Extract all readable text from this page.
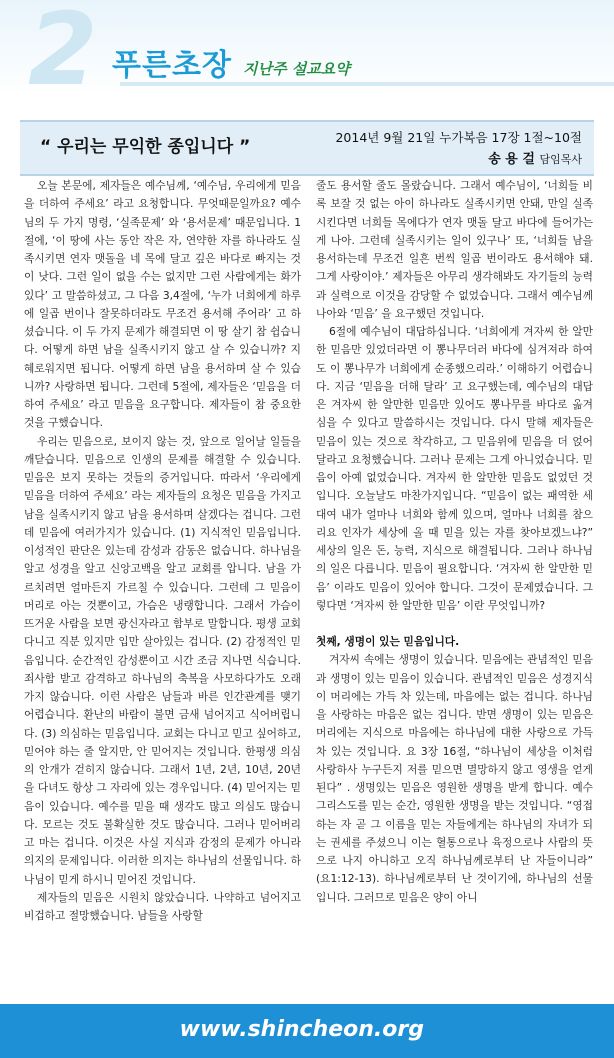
2 푸른초장 지난주 설교요약
“ 우리는 무익한 종입니다 ”	2014년 9월 21일 누가복음 17장 1절~10절
송 용 걸 담임목사

오늘 본문에, 제자들은 예수님께, ‘예수님, 우리에게 믿음을 더하여 주세요’ 라고 요청합니다. 무엇때문일까요? 예수님의 두 가지 명령, ‘실족문제’ 와 ‘용서문제’ 때문입니다. 1절에, ‘이 땅에 사는 동안 작은 자, 연약한 자를 하나라도 실족시키면 연자 맷돌을 네 목에 달고 깊은 바다로 빠지는 것이 낫다. 그런 일이 없을 수는 없지만 그런 사람에게는 화가 있다’ 고 말씀하셨고, 그 다음 3,4절에, ‘누가 너희에게 하루에 일곱 번이나 잘못하더라도 무조건 용서해 주어라’ 고 하셨습니다. 이 두 가지 문제가 해결되면 이 땅 살기 참 쉽습니다. 어떻게 하면 남을 실족시키지 않고 살 수 있습니까? 지혜로워지면 됩니다. 어떻게 하면 남을 용서하며 살 수 있습니까? 사랑하면 됩니다. 그런데 5절에, 제자들은 ‘믿음을 더하여 주세요’ 라고 믿음을 요구합니다. 제자들이 참 중요한 것을 구했습니다.

우리는 믿음으로, 보이지 않는 것, 앞으로 일어날 일들을 깨닫습니다. 믿음으로 인생의 문제를 해결할 수 있습니다. 믿음은 보지 못하는 것들의 증거입니다. 따라서 ‘우리에게 믿음을 더하여 주세요’ 라는 제자들의 요청은 믿음을 가지고 남을 실족시키지 않고 남을 용서하며 살겠다는 겁니다. 그런데 믿음에 여러가지가 있습니다. (1) 지식적인 믿음입니다. 이성적인 판단은 있는데 감성과 감동은 없습니다. 하나님을 알고 성경을 알고 신앙고백을 알고 교회를 압니다. 남을 가르치려면 얼마든지 가르칠 수 있습니다. 그런데 그 믿음이 머리로 아는 것뿐이고, 가슴은 냉랭합니다. 그래서 가슴이 뜨거운 사람을 보면 광신자라고 함부로 말합니다. 평생 교회 다니고 직분 있지만 입만 살아있는 겁니다. (2) 감정적인 믿음입니다. 순간적인 감성뿐이고 시간 조금 지나면 식습니다. 죄사함 받고 감격하고 하나님의 축복을 사모하다가도 오래가지 않습니다. 이런 사람은 남들과 바른 인간관계를 맺기 어렵습니다. 환난의 바람이 불면 금새 넘어지고 식어버립니다. (3) 의심하는 믿음입니다. 교회는 다니고 믿고 싶어하고, 믿어야 하는 줄 알지만, 안 믿어지는 것입니다. 한평생 의심의 안개가 걷히지 않습니다. 그래서 1년, 2년, 10년, 20년을 다녀도 항상 그 자리에 있는 경우입니다. (4) 믿어지는 믿음이 있습니다. 예수를 믿을 때 생각도 많고 의심도 많습니다. 모르는 것도 불확실한 것도 많습니다. 그러나 믿어버리고 마는 겁니다. 이것은 사실 지식과 감정의 문제가 아니라 의지의 문제입니다. 이러한 의지는 하나님의 선물입니다. 하나님이 믿게 하시니 믿어진 것입니다.

제자들의 믿음은 시원치 않았습니다. 나약하고 넘어지고 비겁하고 절망했습니다. 남들을 사랑할

줄도 용서할 줄도 몰랐습니다. 그래서 예수님이, ‘너희들 비록 보잘 것 없는 아이 하나라도 실족시키면 안돼, 만일 실족시킨다면 너희들 목에다가 연자 맷돌 달고 바다에 들어가는 게 나아. 그런데 실족시키는 일이 있구나’ 또, ‘너희들 남을 용서하는데 무조건 일흔 번씩 일곱 번이라도 용서해야 돼. 그게 사랑이야.’ 제자들은 아무리 생각해봐도 자기들의 능력과 실력으로 이것을 감당할 수 없었습니다. 그래서 예수님께 나아와 ‘믿음’ 을 요구했던 것입니다.

6절에 예수님이 대답하십니다. ‘너희에게 겨자씨 한 알만한 믿음만 있었더라면 이 뽕나무더러 바다에 심겨져라 하여도 이 뽕나무가 너희에게 순종했으리라.’ 이해하기 어렵습니다. 지금 ‘믿음을 더해 달라’ 고 요구했는데, 예수님의 대답은 겨자씨 한 알만한 믿음만 있어도 뽕나무를 바다로 옮겨 심을 수 있다고 말씀하시는 것입니다. 다시 말해 제자들은 믿음이 있는 것으로 착각하고, 그 믿음위에 믿음을 더 얹어 달라고 요청했습니다. 그러나 문제는 그게 아니었습니다. 믿음이 아예 없었습니다. 겨자씨 한 알만한 믿음도 없었던 것입니다. 오늘날도 마찬가지입니다. “믿음이 없는 패역한 세대여 내가 얼마나 너희와 함께 있으며, 얼마나 너희를 참으리요 인자가 세상에 올 때 믿을 있는 자를 찾아보겠느냐?” 세상의 일은 돈, 능력, 지식으로 해결됩니다. 그러나 하나님의 일은 다릅니다. 믿음이 필요합니다. ‘겨자씨 한 알만한 믿음’ 이라도 믿음이 있어야 합니다. 그것이 문제였습니다. 그렇다면 ‘겨자씨 한 알만한 믿음’ 이란 무엇입니까?

첫째, 생명이 있는 믿음입니다.

겨자씨 속에는 생명이 있습니다. 믿음에는 관념적인 믿음과 생명이 있는 믿음이 있습니다. 관념적인 믿음은 성경지식이 머리에는 가득 차 있는데, 마음에는 없는 겁니다. 하나님을 사랑하는 마음은 없는 겁니다. 반면 생명이 있는 믿음은 머리에는 지식으로 마음에는 하나님에 대한 사랑으로 가득차 있는 것입니다. 요 3장 16절, “하나님이 세상을 이처럼 사랑하사 누구든지 저를 믿으면 멸망하지 않고 영생을 얻게 된다” . 생명있는 믿음은 영원한 생명을 받게 합니다. 예수 그리스도를 믿는 순간, 영원한 생명을 받는 것입니다. “영접하는 자 곧 그 이름을 믿는 자들에게는 하나님의 자녀가 되는 권세를 주셨으니 이는 혈통으로나 육정으로나 사람의 뜻으로 나지 아니하고 오직 하나님께로부터 난 자들이니라” (요1:12-13). 하나님께로부터 난 것이기에, 하나님의 선물입니다. 그러므로 믿음은 양이 아니

www.shincheon.org
